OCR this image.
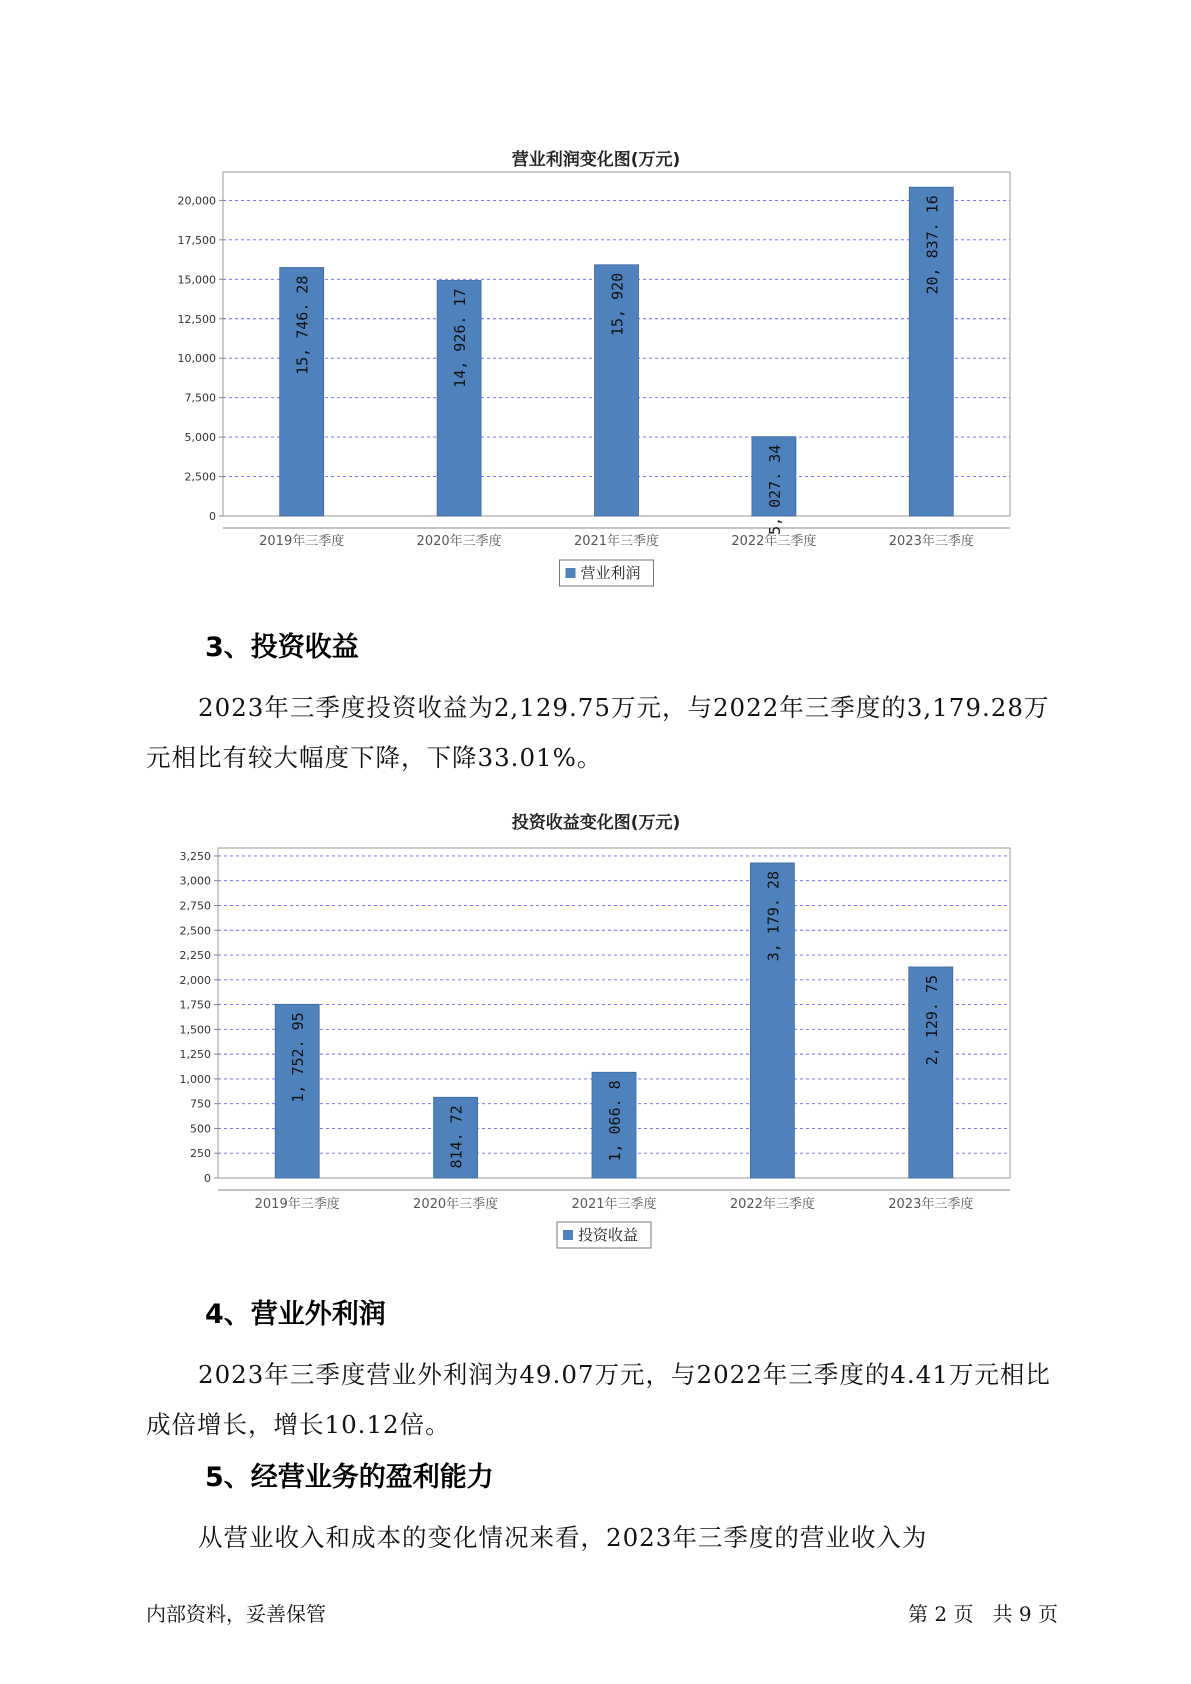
营业利润变化图(万元)
0
2,500
5,000
7,500
10,000
12,500
15,000
17,500
20,000
15, 746. 28
2019年三季度
14, 926. 17
2020年三季度
15, 920
2021年三季度
5, 027. 34
2022年三季度
20, 837. 16
2023年三季度
营业利润
3、投资收益
2023年三季度投资收益为2,129.75万元，与2022年三季度的3,179.28万元相比有较大幅度下降，下降33.01%。
投资收益变化图(万元)
0
250
500
750
1,000
1,250
1,500
1,750
2,000
2,250
2,500
2,750
3,000
3,250
1, 752. 95
2019年三季度
814. 72
2020年三季度
1, 066. 8
2021年三季度
3, 179. 28
2022年三季度
2, 129. 75
2023年三季度
投资收益
4、营业外利润
2023年三季度营业外利润为49.07万元，与2022年三季度的4.41万元相比成倍增长，增长10.12倍。
5、经营业务的盈利能力
从营业收入和成本的变化情况来看，2023年三季度的营业收入为
内部资料，妥善保管	第 2 页   共 9 页
